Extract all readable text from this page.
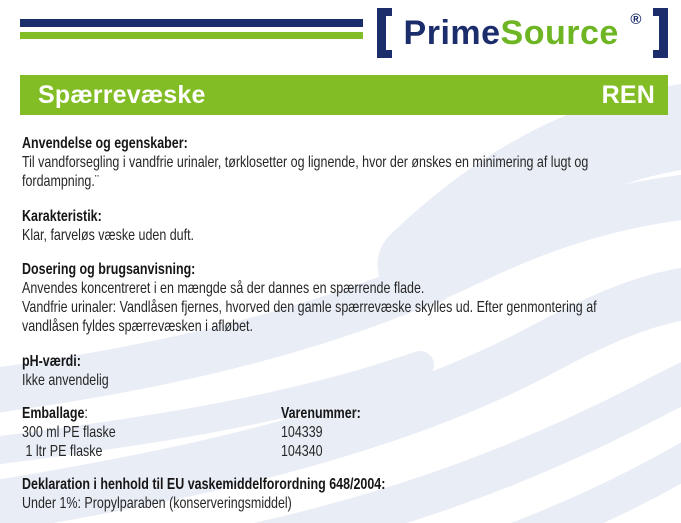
PrimeSource ®
Spærrevæske	REN
Anvendelse og egenskaber:
Til vandforsegling i vandfrie urinaler, tørklosetter og lignende, hvor der ønskes en minimering af lugt og
fordampning.¨
Karakteristik:
Klar, farveløs væske uden duft.
Dosering og brugsanvisning:
Anvendes koncentreret i en mængde så der dannes en spærrende flade.
Vandfrie urinaler: Vandlåsen fjernes, hvorved den gamle spærrevæske skylles ud. Efter genmontering af
vandlåsen fyldes spærrevæsken i afløbet.
pH-værdi:
Ikke anvendelig
Emballage:
300 ml PE flaske
1 ltr PE flaske
Varenummer:
104339
104340
Deklaration i henhold til EU vaskemiddelforordning 648/2004:
Under 1%: Propylparaben (konserveringsmiddel)
